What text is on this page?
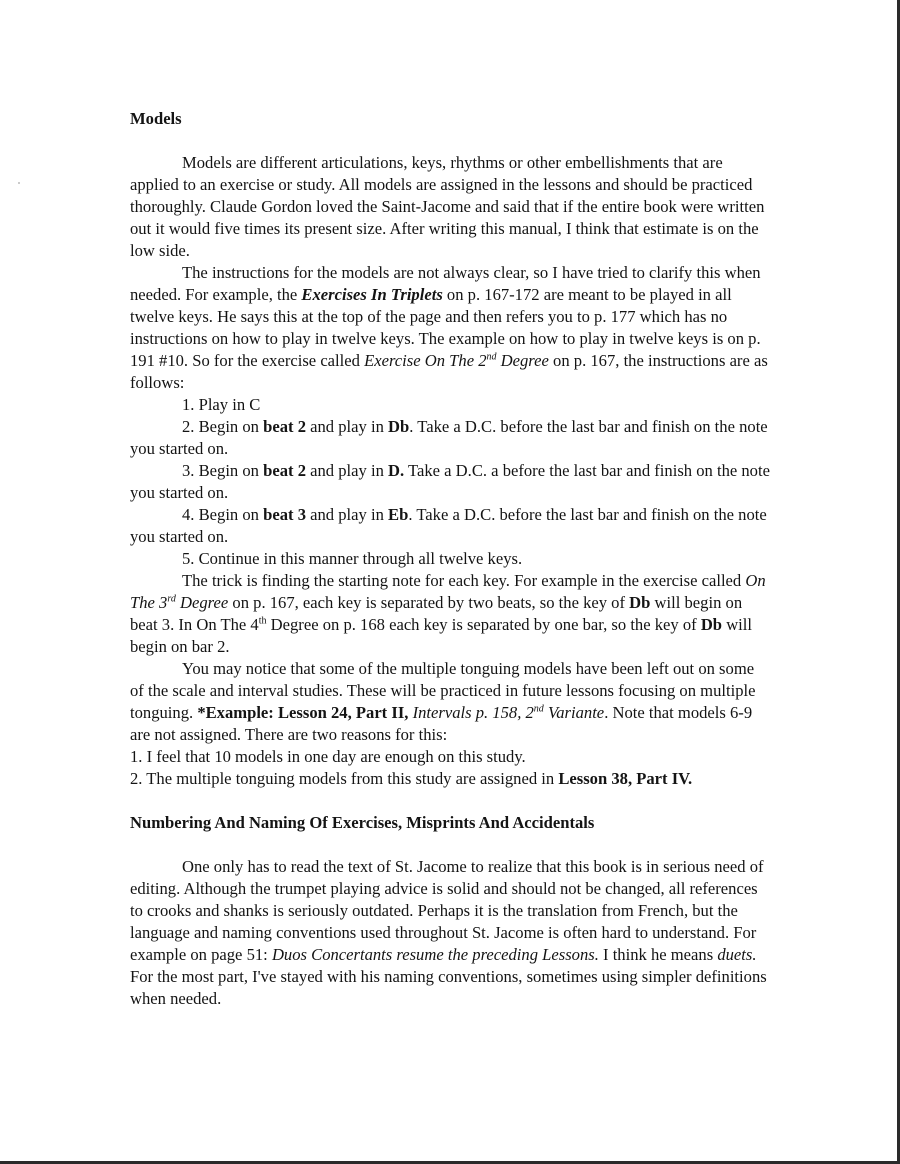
Models

Models are different articulations, keys, rhythms or other embellishments that are applied to an exercise or study. All models are assigned in the lessons and should be practiced thoroughly. Claude Gordon loved the Saint-Jacome and said that if the entire book were written out it would five times its present size. After writing this manual, I think that estimate is on the low side.

The instructions for the models are not always clear, so I have tried to clarify this when needed. For example, the Exercises In Triplets on p. 167-172 are meant to be played in all twelve keys. He says this at the top of the page and then refers you to p. 177 which has no instructions on how to play in twelve keys. The example on how to play in twelve keys is on p. 191 #10. So for the exercise called Exercise On The 2nd Degree on p. 167, the instructions are as follows:

1. Play in C

2. Begin on beat 2 and play in Db. Take a D.C. before the last bar and finish on the note you started on.

3. Begin on beat 2 and play in D. Take a D.C. a before the last bar and finish on the note you started on.

4. Begin on beat 3 and play in Eb. Take a D.C. before the last bar and finish on the note you started on.

5. Continue in this manner through all twelve keys.

The trick is finding the starting note for each key. For example in the exercise called On The 3rd Degree on p. 167, each key is separated by two beats, so the key of Db will begin on beat 3. In On The 4th Degree on p. 168 each key is separated by one bar, so the key of Db will begin on bar 2.

You may notice that some of the multiple tonguing models have been left out on some of the scale and interval studies. These will be practiced in future lessons focusing on multiple tonguing. *Example: Lesson 24, Part II, Intervals p. 158, 2nd Variante. Note that models 6-9 are not assigned. There are two reasons for this:

1. I feel that 10 models in one day are enough on this study.

2. The multiple tonguing models from this study are assigned in Lesson 38, Part IV.

Numbering And Naming Of Exercises, Misprints And Accidentals

One only has to read the text of St. Jacome to realize that this book is in serious need of editing. Although the trumpet playing advice is solid and should not be changed, all references to crooks and shanks is seriously outdated. Perhaps it is the translation from French, but the language and naming conventions used throughout St. Jacome is often hard to understand. For example on page 51: Duos Concertants resume the preceding Lessons. I think he means duets. For the most part, I've stayed with his naming conventions, sometimes using simpler definitions when needed.
